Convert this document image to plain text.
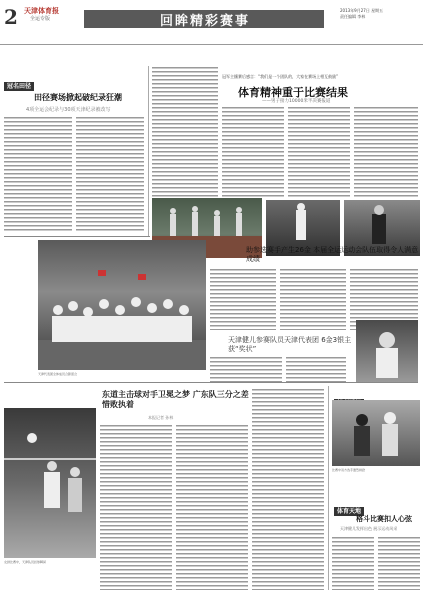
2 天津体育报
全运专版	回眸精彩赛事
2013年9月27日 星期五
责任编辑 李林
冠名田径
田径赛场掀起破纪录狂潮
4项全运会纪录与30项天津纪录被改写
冠军主攘赛后感言：“我们是一个团队的，大家在赛场上相互鼓励”
体育精神重于比赛结果
——男子接力10000米半决赛报道
天津代表团全体成员合影留念
助参选赛手产生26金 本届全运运动会队伍取得令人满意成绩
天津健儿参赛队员天津代表团 6金3银主获“奖状”
东道主击球对手卫冕之梦 广东队三分之差惜败执着
本报记者 孙林
女排比赛中，天津队员扣球瞬间
比赛中双方选手激烈拼抢
体育天地
格斗比赛扣人心弦
天津健儿发挥出色 展示运动风采
